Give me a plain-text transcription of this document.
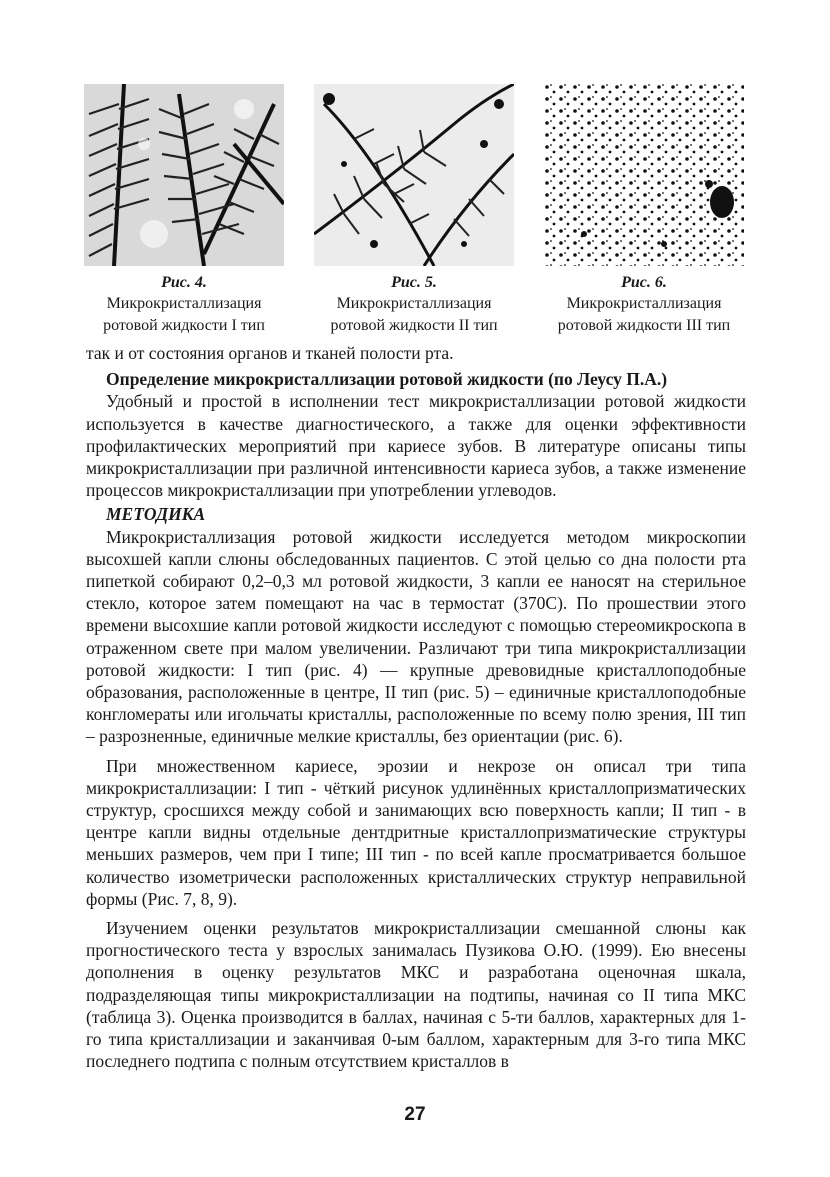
Рис. 4.
Микрокристаллизация
ротовой жидкости I тип
Рис. 5.
Микрокристаллизация
ротовой жидкости II тип
Рис. 6.
Микрокристаллизация
ротовой жидкости III тип

так и от состояния органов и тканей полости рта.

Определение микрокристаллизации ротовой жидкости (по Леусу П.А.)

Удобный и простой в исполнении тест микрокристаллизации ротовой жидкости используется в качестве диагностического, а также для оценки эффективности профилактических мероприятий при кариесе зубов. В литературе описаны типы микрокристаллизации при различной интенсивности кариеса зубов, а также изменение процессов микрокристаллизации при употреблении углеводов.

МЕТОДИКА

Микрокристаллизация ротовой жидкости исследуется методом микроскопии высохшей капли слюны обследованных пациентов. С этой целью со дна полости рта пипеткой собирают 0,2–0,3 мл ротовой жидкости, 3 капли ее наносят на стерильное стекло, которое затем помещают на час в термостат (370С). По прошествии этого времени высохшие капли ротовой жидкости исследуют с помощью стереомикроскопа в отраженном свете при малом увеличении. Различают три типа микрокристаллизации ротовой жидкости: I тип (рис. 4) — крупные древовидные кристаллоподобные образования, расположенные в центре, II тип (рис. 5) – единичные кристаллоподобные конгломераты или игольчаты кристаллы, расположенные по всему полю зрения, III тип – разрозненные, единичные мелкие кристаллы, без ориентации (рис. 6).

При множественном кариесе, эрозии и некрозе он описал три типа микрокристаллизации: I тип - чёткий рисунок удлинённых кристаллопризматических структур, сросшихся между собой и занимающих всю поверхность капли; II тип - в центре капли видны отдельные дентдритные кристаллопризматические структуры меньших размеров, чем при I типе; III тип - по всей капле просматривается большое количество изометрически расположенных кристаллических структур неправильной формы (Рис. 7, 8, 9).

Изучением оценки результатов микрокристаллизации смешанной слюны как прогностического теста у взрослых занималась Пузикова О.Ю. (1999). Ею внесены дополнения в оценку результатов МКС и разработана оценочная шкала, подразделяющая типы микрокристаллизации на подтипы, начиная со II типа МКС (таблица 3). Оценка производится в баллах, начиная с 5-ти баллов, характерных для 1-го типа кристаллизации и заканчивая 0-ым баллом, характерным для 3-го типа МКС последнего подтипа с полным отсутствием кристаллов в

27
